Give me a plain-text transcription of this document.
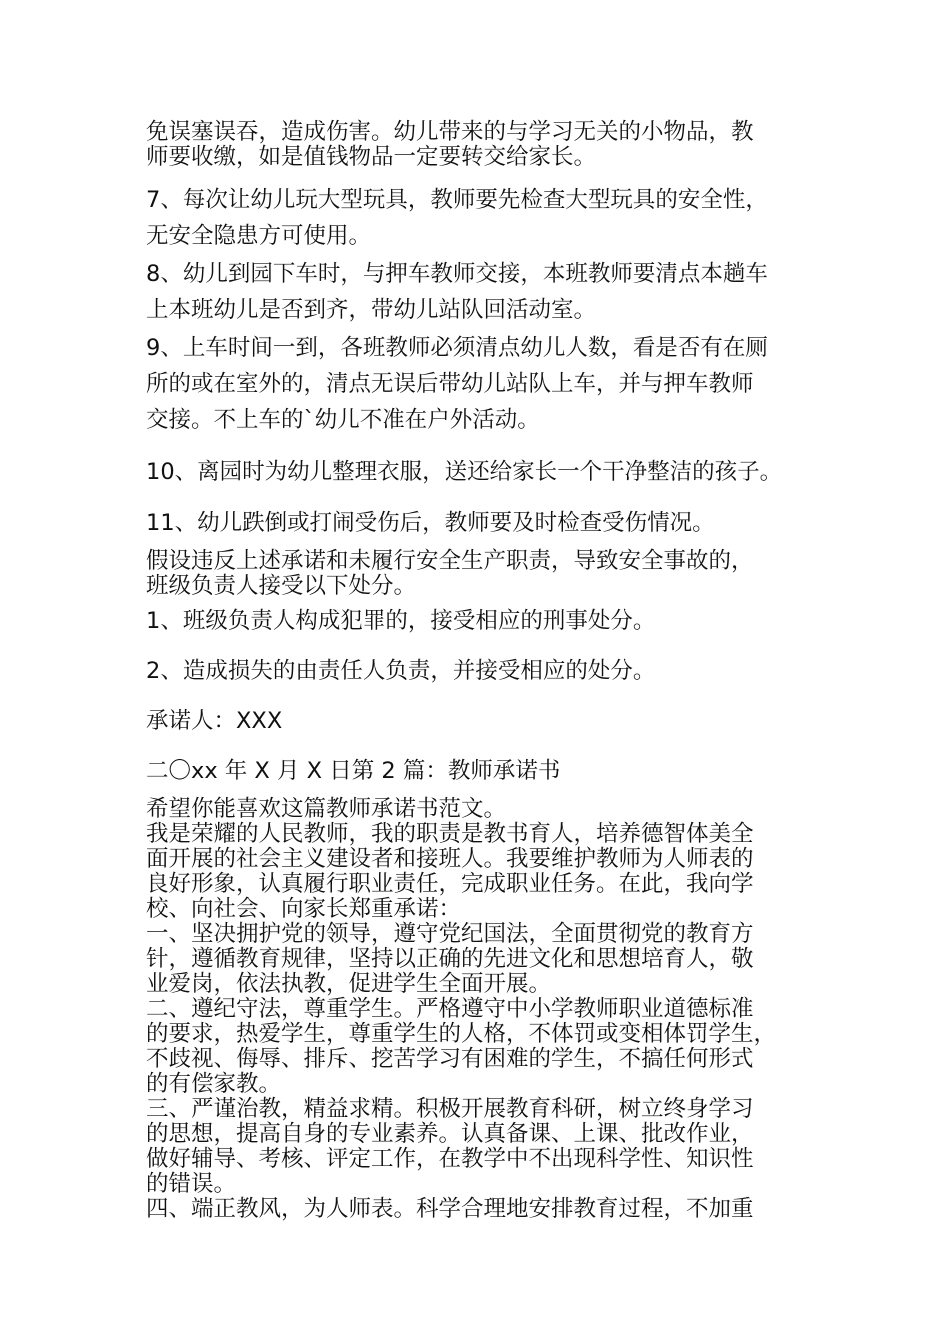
免误塞误吞，造成伤害。幼儿带来的与学习无关的小物品，教
师要收缴，如是值钱物品一定要转交给家长。
7、每次让幼儿玩大型玩具，教师要先检查大型玩具的安全性，
无安全隐患方可使用。
8、幼儿到园下车时，与押车教师交接，本班教师要清点本趟车
上本班幼儿是否到齐，带幼儿站队回活动室。
9、上车时间一到，各班教师必须清点幼儿人数，看是否有在厕
所的或在室外的，清点无误后带幼儿站队上车，并与押车教师
交接。不上车的`幼儿不准在户外活动。
10、离园时为幼儿整理衣服，送还给家长一个干净整洁的孩子。
11、幼儿跌倒或打闹受伤后，教师要及时检查受伤情况。
假设违反上述承诺和未履行安全生产职责，导致安全事故的，
班级负责人接受以下处分。
1、班级负责人构成犯罪的，接受相应的刑事处分。
2、造成损失的由责任人负责，并接受相应的处分。
承诺人：XXX
二〇xx 年 X 月 X 日第 2 篇：教师承诺书
希望你能喜欢这篇教师承诺书范文。
我是荣耀的人民教师，我的职责是教书育人，培养德智体美全
面开展的社会主义建设者和接班人。我要维护教师为人师表的
良好形象，认真履行职业责任，完成职业任务。在此，我向学
校、向社会、向家长郑重承诺：
一、坚决拥护党的领导，遵守党纪国法，全面贯彻党的教育方
针，遵循教育规律，坚持以正确的先进文化和思想培育人，敬
业爱岗，依法执教，促进学生全面开展。
二、遵纪守法，尊重学生。严格遵守中小学教师职业道德标准
的要求，热爱学生，尊重学生的人格，不体罚或变相体罚学生，
不歧视、侮辱、排斥、挖苦学习有困难的学生，不搞任何形式
的有偿家教。
三、严谨治教，精益求精。积极开展教育科研，树立终身学习
的思想，提高自身的专业素养。认真备课、上课、批改作业，
做好辅导、考核、评定工作，在教学中不出现科学性、知识性
的错误。
四、端正教风，为人师表。科学合理地安排教育过程，不加重
